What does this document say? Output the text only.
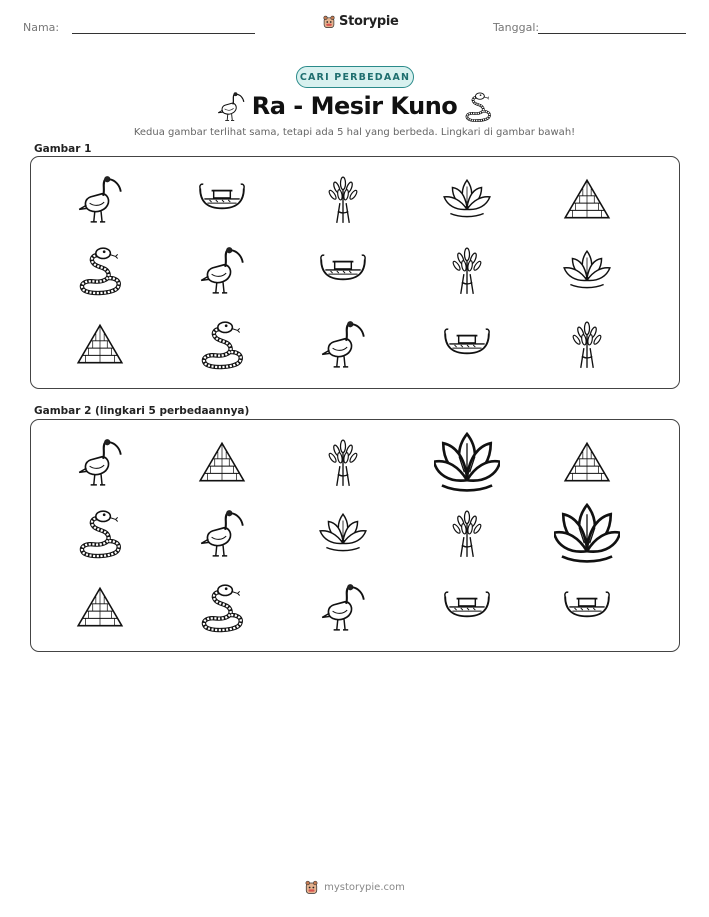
Nama:	Storypie	Tanggal:
CARI PERBEDAAN
Ra - Mesir Kuno
Kedua gambar terlihat sama, tetapi ada 5 hal yang berbeda. Lingkari di gambar bawah!
Gambar 1
Gambar 2 (lingkari 5 perbedaannya)
mystorypie.com
